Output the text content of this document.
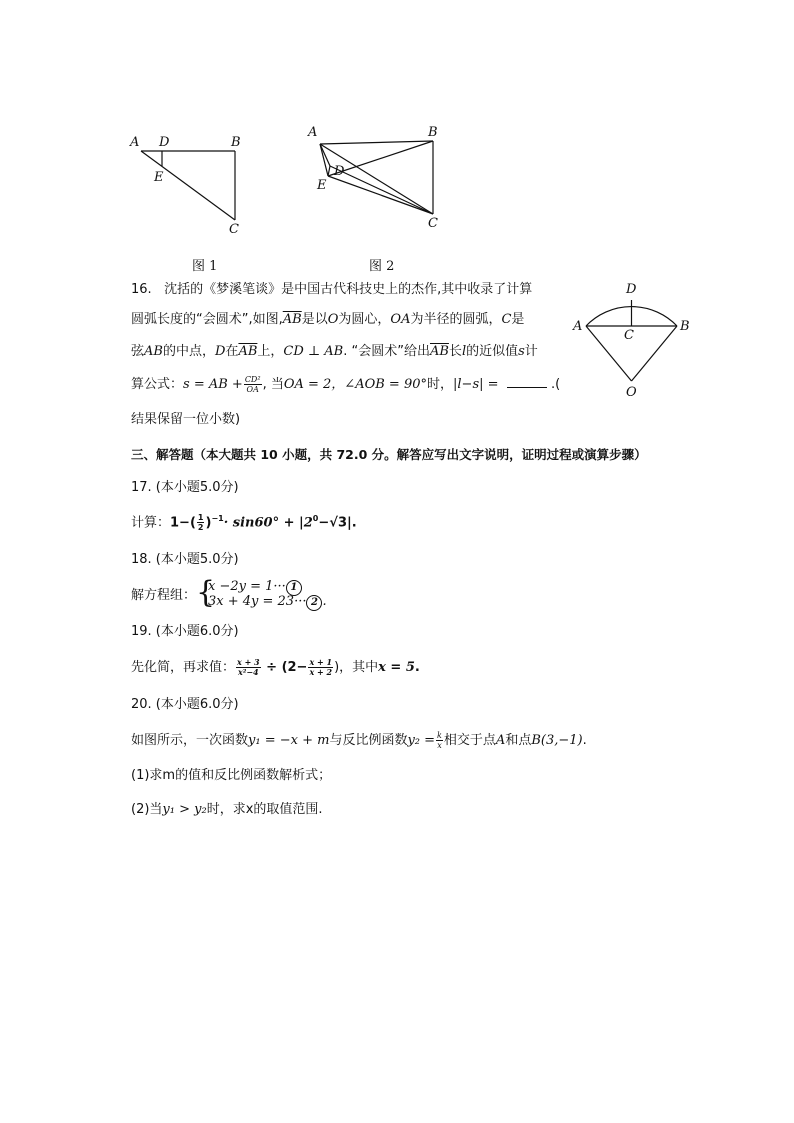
A D	B
E
C
图 1
A	B
D
E
C
图 2
D
A
C
B
O
16. 沈括的《梦溪笔谈》是中国古代科技史上的杰作,其中收录了计算
圆弧长度的“会圆术”,如图$,\overline{AB}$是以O为圆心，OA为半径的圆弧，C是
弦AB的中点，D在$\overline{AB}$上，CD ⊥ AB. “会圆术”给出$\overline{AB}$长l的近似值s计
算公式：s = AB + $\frac{\text{CD²}}{OA}$ , 当OA = 2，∠AOB = 90°时，|l−s| =	.(
结果保留一位小数)
三、解答题（本大题共 10 小题，共 72.0 分。解答应写出文字说明，证明过程或演算步骤）
17. (本小题5.0分)
计算：$1-( \frac{1}{2} )^{-1}\cdot \sin 60^\circ + |2^0-√3|$.
18. (本小题5.0分)
解方程组： {
x −2y = 1··· 1
3x + 4y = 23··· 2 .
19. (本小题6.0分)
先化简，再求值： $\frac{x + 3}{\text{x²−4}} \div (2- \frac{x + 1}{x + 2}$ )，其中x = 5.
20. (本小题6.0分)
如图所示，一次函数y₁ = −x + m与反比例函数$y_2 = \frac{k}{x}$ 相交于点A和点B(3,−1).
(1)求m的值和反比例函数解析式；
(2)当y₁ > y₂时，求x的取值范围.
